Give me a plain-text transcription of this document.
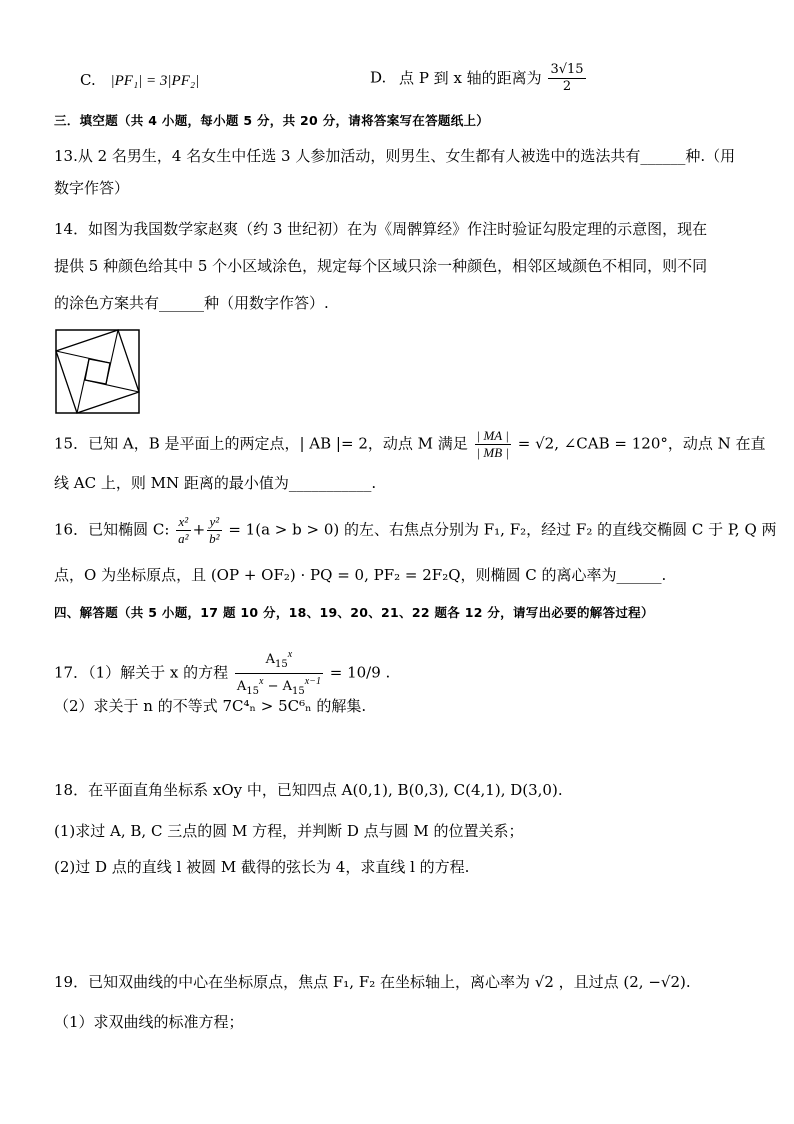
C. |PF₁| = 3|PF₂|	D. 点 P 到 x 轴的距离为 $\frac{3√15}{2}$
三．填空题（共 4 小题，每小题 5 分，共 20 分，请将答案写在答题纸上）
13.从 2 名男生，4 名女生中任选 3 人参加活动，则男生、女生都有人被选中的选法共有______种.（用
数字作答）
14．如图为我国数学家赵爽（约 3 世纪初）在为《周髀算经》作注时验证勾股定理的示意图，现在
提供 5 种颜色给其中 5 个小区域涂色，规定每个区域只涂一种颜色，相邻区域颜色不相同，则不同
的涂色方案共有______种（用数字作答）.
15．已知 A，B 是平面上的两定点，| AB |= 2，动点 M 满足 $\frac{| MA |}{| MB |} = √2$, ∠CAB = 120°，动点 N 在直
线 AC 上，则 MN 距离的最小值为___________.
16．已知椭圆 C: $\frac{\text{x²}}{\text{a²}} + \frac{\text{y²}}{\text{b²}} = 1(a > b > 0)$ 的左、右焦点分别为 F₁, F₂，经过 F₂ 的直线交椭圆 C 于 P, Q 两
点，O 为坐标原点，且 (OP + OF₂) · PQ = 0, PF₂ = 2F₂Q，则椭圆 C 的离心率为______.
四、解答题（共 5 小题，17 题 10 分，18、19、20、21、22 题各 12 分，请写出必要的解答过程）
17．（1）解关于 x 的方程 $\frac{A_{15}^x}{A_{15}^x - A_{15}^{x-1}} = 10/9$ .
（2）求关于 n 的不等式 7C⁴ₙ > 5C⁶ₙ 的解集.
18．在平面直角坐标系 xOy 中，已知四点 A(0,1), B(0,3), C(4,1), D(3,0).
(1)求过 A, B, C 三点的圆 M 方程，并判断 D 点与圆 M 的位置关系；
(2)过 D 点的直线 l 被圆 M 截得的弦长为 4，求直线 l 的方程.
19．已知双曲线的中心在坐标原点，焦点 F₁, F₂ 在坐标轴上，离心率为 √2 ，且过点 (2, −√2).
（1）求双曲线的标准方程；
